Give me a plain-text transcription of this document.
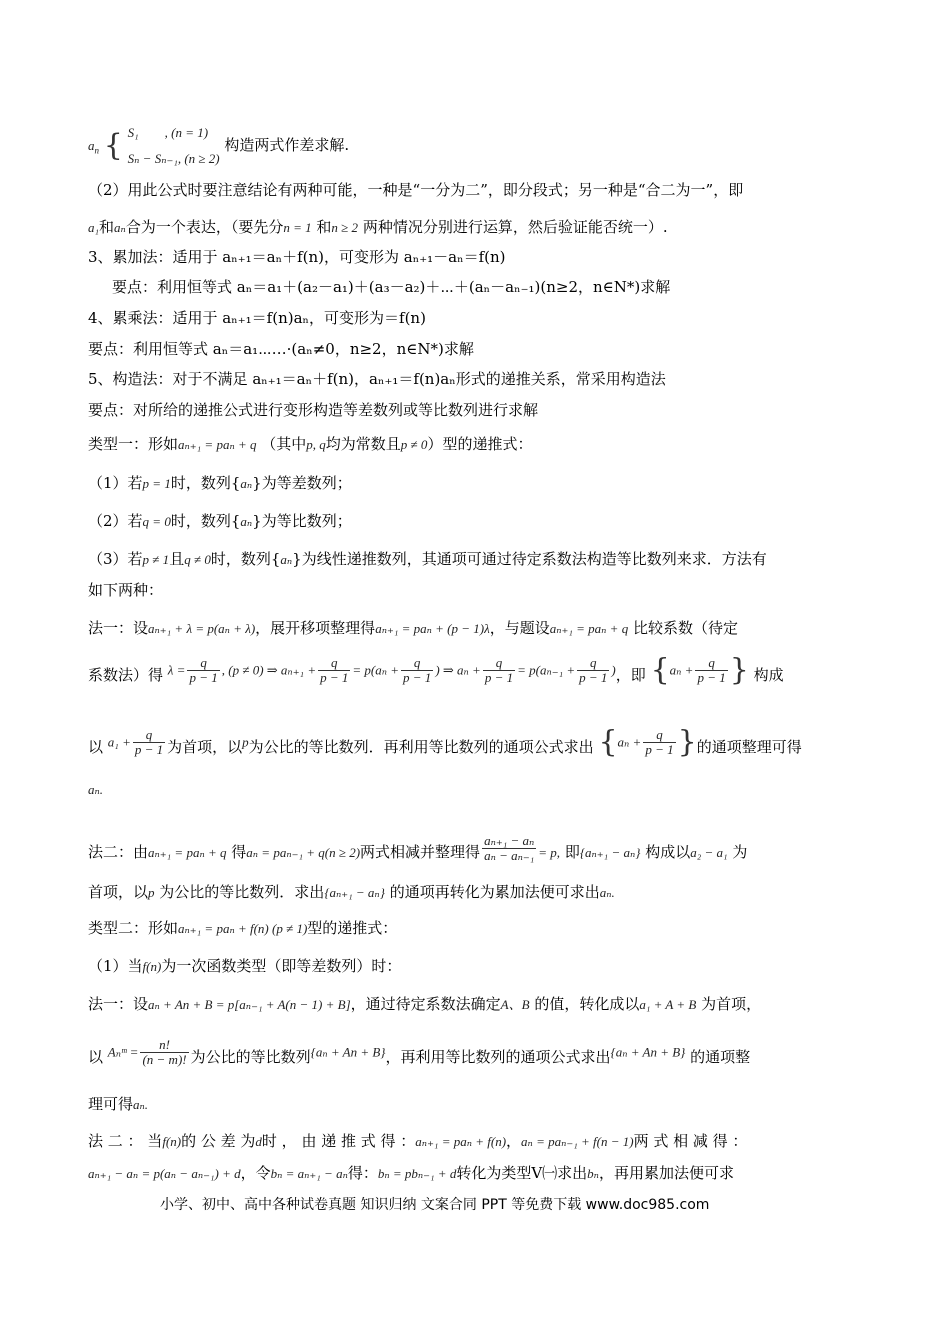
$a_n$ { S₁　　, (n = 1)
Sₙ − Sₙ₋₁, (n ≥ 2)
构造两式作差求解.
（2）用此公式时要注意结论有两种可能，一种是“一分为二”，即分段式；另一种是“合二为一”，即
a₁和aₙ合为一个表达，（要先分n = 1 和n ≥ 2 两种情况分别进行运算，然后验证能否统一）.
3、累加法：适用于 aₙ₊₁＝aₙ＋f(n)，可变形为 aₙ₊₁－aₙ＝f(n)
要点：利用恒等式 aₙ＝a₁＋(a₂－a₁)＋(a₃－a₂)＋⋯＋(aₙ－aₙ₋₁)(n≥2，n∈N*)求解
4、累乘法：适用于 aₙ₊₁＝f(n)aₙ，可变形为＝f(n)
要点：利用恒等式 aₙ＝a₁⋯…·(aₙ≠0，n≥2，n∈N*)求解
5、构造法：对于不满足 aₙ₊₁＝aₙ＋f(n)，aₙ₊₁＝f(n)aₙ形式的递推关系，常采用构造法
要点：对所给的递推公式进行变形构造等差数列或等比数列进行求解
类型一：形如aₙ₊₁ = paₙ + q （其中p, q均为常数且p ≠ 0）型的递推式：
（1）若p = 1时，数列{aₙ}为等差数列；
（2）若q = 0时，数列{aₙ}为等比数列；
（3）若p ≠ 1且q ≠ 0时，数列{aₙ}为线性递推数列，其通项可通过待定系数法构造等比数列来求．方法有
如下两种：
法一：设aₙ₊₁ + λ = p(aₙ + λ)，展开移项整理得aₙ₊₁ = paₙ + (p − 1)λ，与题设aₙ₊₁ = paₙ + q 比较系数（待定
系数法）得 $\lambda = \frac{q}{p - 1}$ , (p ≠ 0) ⇒ $a_{n+1} + \frac{q}{p - 1} = p(a_n + \frac{q}{p - 1}$ ) ⇒ $a_n + \frac{q}{p - 1} = p(a_{n-1} + \frac{q}{p - 1}$ )，即 {$a_n + \frac{q}{p - 1}$ } 构成
以 $a_1 + \frac{q}{p - 1}$ 为首项，以p为公比的等比数列．再利用等比数列的通项公式求出 {$a_n + \frac{q}{p - 1}$ }的通项整理可得
aₙ.
法二：由aₙ₊₁ = paₙ + q 得aₙ = paₙ₋₁ + q(n ≥ 2)两式相减并整理得 $\frac{\text{aₙ₊₁ − aₙ}}{\text{aₙ − aₙ₋₁}} = p$, 即{aₙ₊₁ − aₙ} 构成以a₂ − a₁ 为
首项，以p 为公比的等比数列．求出{aₙ₊₁ − aₙ} 的通项再转化为累加法便可求出aₙ.
类型二：形如aₙ₊₁ = paₙ + f(n) (p ≠ 1)型的递推式：
（1）当f(n)为一次函数类型（即等差数列）时：
法一：设aₙ + An + B = p[aₙ₋₁ + A(n − 1) + B]，通过待定系数法确定A、B 的值，转化成以a₁ + A + B 为首项，
以 Aₙᵐ = $\frac{n!}{(n - m)!}$ 为公比的等比数列{aₙ + An + B}，再利用等比数列的通项公式求出{aₙ + An + B} 的通项整
理可得aₙ.
法 二 ： 当f(n)的 公 差 为d时 ， 由 递 推 式 得 ：aₙ₊₁ = paₙ + f(n)，aₙ = paₙ₋₁ + f(n − 1)两 式 相 减 得 ：
aₙ₊₁ − aₙ = p(aₙ − aₙ₋₁) + d，令bₙ = aₙ₊₁ − aₙ得：bₙ = pbₙ₋₁ + d转化为类型Ⅴ㈠求出bₙ，再用累加法便可求
小学、初中、高中各种试卷真题 知识归纳 文案合同 PPT 等免费下载 www.doc985.com
